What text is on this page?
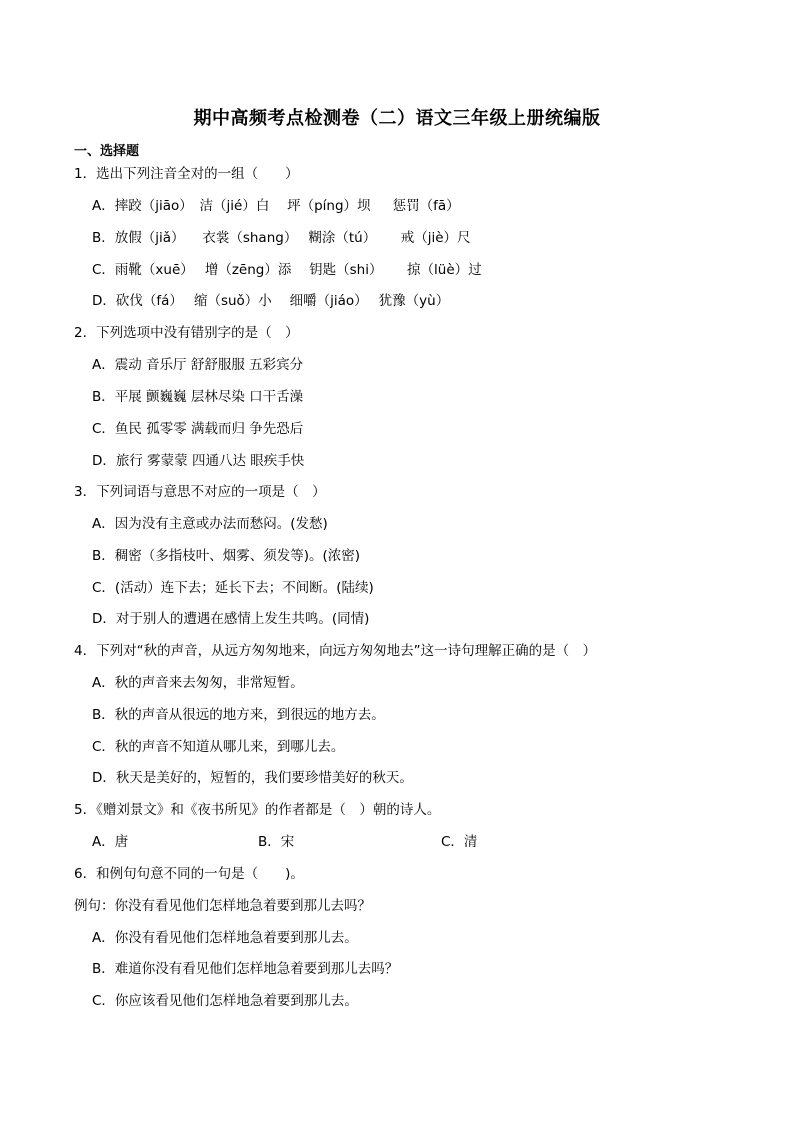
期中高频考点检测卷（二）语文三年级上册统编版
一、选择题
1．选出下列注音全对的一组（　　）
A．摔跤（jiāo）　洁（jié）白　 坪（píng）坝 　 惩罚（fā）
B．放假（jiǎ） 　衣裳（shang）　 糊涂（tú）　 　戒（jiè）尺
C．雨靴（xuē）　 增（zēng）添　 钥匙（shi）　 　掠（lüè）过
D．砍伐（fá）　 缩（suǒ）小　 细嚼（jiáo）　 犹豫（yù）
2．下列选项中没有错别字的是（　）
A．震动 音乐厅 舒舒服服 五彩宾分
B．平展 颤巍巍 层林尽染 口干舌澡
C．鱼民 孤零零 满载而归 争先恐后
D．旅行 雾蒙蒙 四通八达 眼疾手快
3．下列词语与意思不对应的一项是（　）
A．因为没有主意或办法而愁闷。(发愁)
B．稠密（多指枝叶、烟雾、须发等)。(浓密)
C．(活动）连下去；延长下去；不间断。(陆续)
D．对于别人的遭遇在感情上发生共鸣。(同情)
4．下列对“秋的声音，从远方匆匆地来，向远方匆匆地去”这一诗句理解正确的是（　）
A．秋的声音来去匆匆，非常短暂。
B．秋的声音从很远的地方来，到很远的地方去。
C．秋的声音不知道从哪儿来，到哪儿去。
D．秋天是美好的，短暂的，我们要珍惜美好的秋天。
5．《赠刘景文》和《夜书所见》的作者都是（　）朝的诗人。
A．唐	B．宋	C．清
6．和例句句意不同的一句是（　　)。
例句：你没有看见他们怎样地急着要到那儿去吗？
A．你没有看见他们怎样地急着要到那儿去。
B．难道你没有看见他们怎样地急着要到那儿去吗？
C．你应该看见他们怎样地急着要到那儿去。
